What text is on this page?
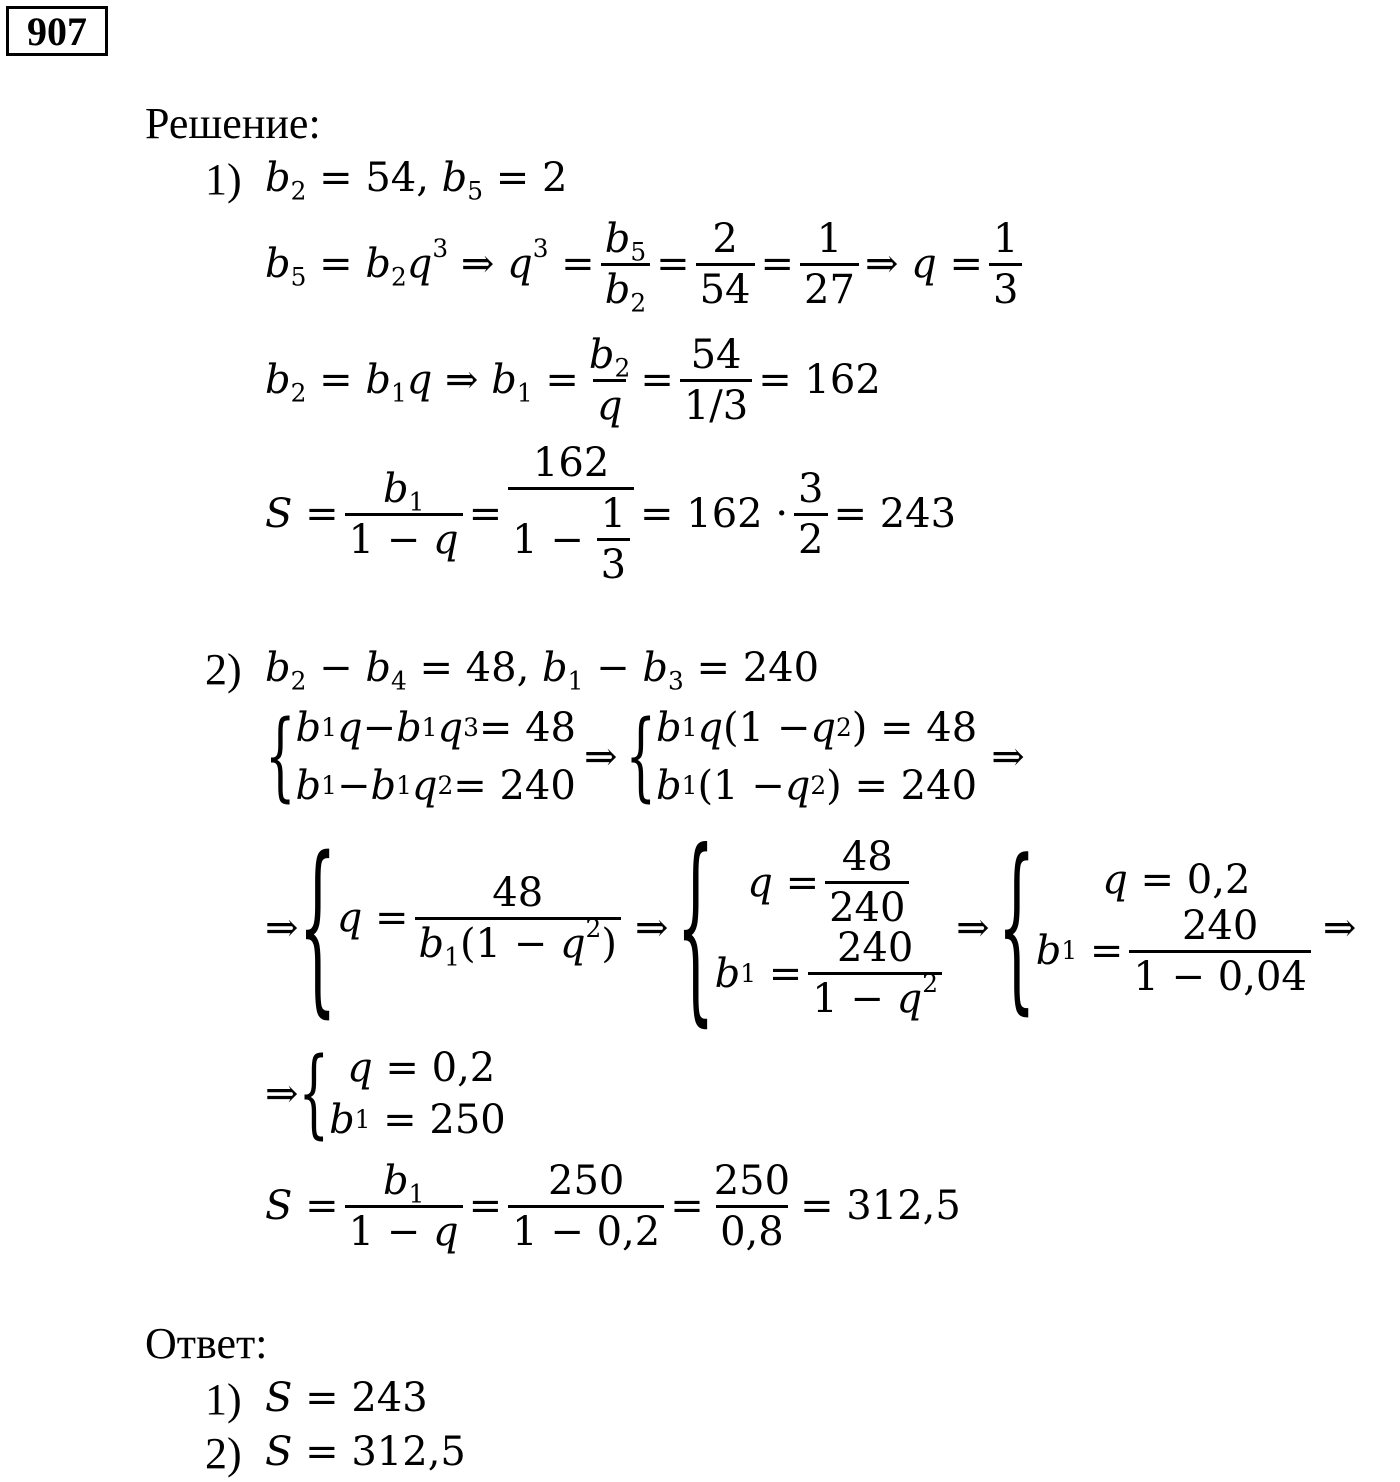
907
Решение:
1) $b_2 = 54$, $b_5 = 2$
$b_5 = b_2q^3$ ⇒ $q^3 = \frac{b_5}{b_2} = \frac{2}{54} = \frac{1}{27}$ ⇒ $q = \frac{1}{3}$
$b_2 = b_1q$ ⇒ $b_1 = \frac{b_2}{q} = \frac{54}{1/3} = 162$
$S = \frac{b_1}{1 - q} = \frac{162}{1 - \frac{1}{3}} = 162 \cdot \frac{3}{2} = 243$
2) $b_2 - b_4 = 48$, $b_1 - b_3 = 240$
{ b 1 q − b 1 q 3 = 48
b 1 − b 1 q 2 = 240
⇒ { b 1 q (1 − q 2 ) = 48
b 1 (1 − q 2 ) = 240
⇒
⇒ { $q = \frac{48}{b_1(1 - q^2)}$ ⇒ { $q = \frac{48}{240}$
b $1 = \frac{240}{1 - q^2}$ ⇒ { q = 0,2
b $1 = \frac{240}{1 - 0,04}$ ⇒
⇒ { q = 0,2
b 1 = 250
$S = \frac{b_1}{1 - q} = \frac{250}{1 - 0,2} = \frac{250}{0,8} = 312,5$
Ответ:
1) S = 243
2) S = 312,5
